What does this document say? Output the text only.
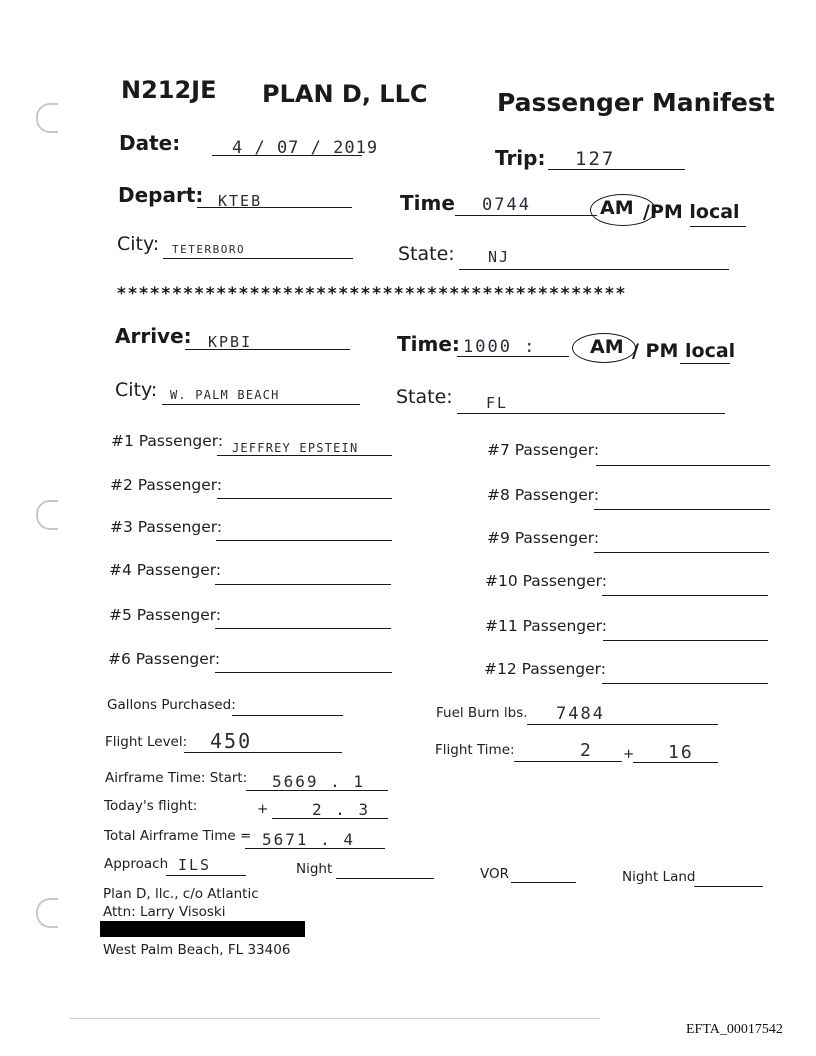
N212JE PLAN D, LLC	Passenger Manifest
Date:	4 / 07 / 2019	Trip: 127
Depart: KTEB	Time 0744	AM /PM local
City: TETERBORO	State: NJ
**********************************************
Arrive: KPBI	Time: 1000 :	AM / PM local
City: W. PALM BEACH	State: FL
#1 Passenger: JEFFREY EPSTEIN
#2 Passenger:
#3 Passenger:
#4 Passenger:
#5 Passenger:
#6 Passenger:
#7 Passenger:
#8 Passenger:
#9 Passenger:
#10 Passenger:
#11 Passenger:
#12 Passenger:
Gallons Purchased:	Fuel Burn lbs. 7484
Flight Level: 450	Flight Time:	2 + 16
Airframe Time: Start: 5669 . 1
Today's flight:	+	2 . 3
Total Airframe Time = 5671 . 4
Approach ILS	Night	VOR	Night Land
Plan D, llc., c/o Atlantic
Attn: Larry Visoski
West Palm Beach, FL 33406
EFTA_00017542
